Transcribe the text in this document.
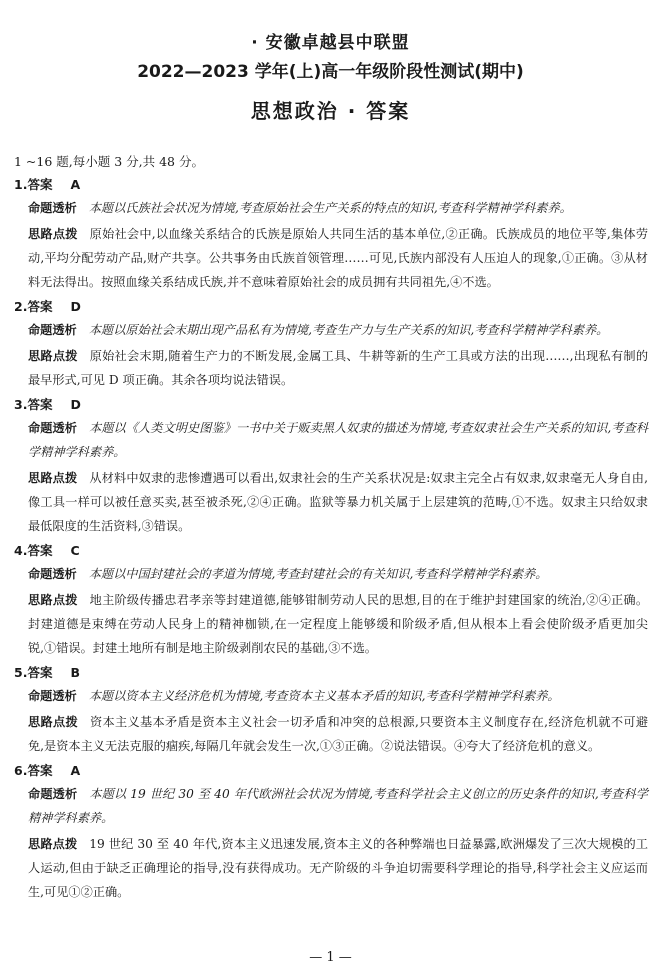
· 安徽卓越县中联盟
2022—2023 学年(上)高一年级阶段性测试(期中)
思想政治 · 答案
1 ~16 题,每小题 3 分,共 48 分。
1.答案 A

命题透析 本题以氏族社会状况为情境,考查原始社会生产关系的特点的知识,考查科学精神学科素养。

思路点拨 原始社会中,以血缘关系结合的氏族是原始人共同生活的基本单位,②正确。氏族成员的地位平等,集体劳动,平均分配劳动产品,财产共享。公共事务由氏族首领管理……可见,氏族内部没有人压迫人的现象,①正确。③从材料无法得出。按照血缘关系结成氏族,并不意味着原始社会的成员拥有共同祖先,④不选。

2.答案 D

命题透析 本题以原始社会末期出现产品私有为情境,考查生产力与生产关系的知识,考查科学精神学科素养。

思路点拨 原始社会末期,随着生产力的不断发展,金属工具、牛耕等新的生产工具或方法的出现……,出现私有制的最早形式,可见 D 项正确。其余各项均说法错误。

3.答案 D

命题透析 本题以《人类文明史图鉴》一书中关于贩卖黑人奴隶的描述为情境,考查奴隶社会生产关系的知识,考查科学精神学科素养。

思路点拨 从材料中奴隶的悲惨遭遇可以看出,奴隶社会的生产关系状况是:奴隶主完全占有奴隶,奴隶毫无人身自由,像工具一样可以被任意买卖,甚至被杀死,②④正确。监狱等暴力机关属于上层建筑的范畴,①不选。奴隶主只给奴隶最低限度的生活资料,③错误。

4.答案 C

命题透析 本题以中国封建社会的孝道为情境,考查封建社会的有关知识,考查科学精神学科素养。

思路点拨 地主阶级传播忠君孝亲等封建道德,能够钳制劳动人民的思想,目的在于维护封建国家的统治,②④正确。封建道德是束缚在劳动人民身上的精神枷锁,在一定程度上能够缓和阶级矛盾,但从根本上看会使阶级矛盾更加尖锐,①错误。封建土地所有制是地主阶级剥削农民的基础,③不选。

5.答案 B

命题透析 本题以资本主义经济危机为情境,考查资本主义基本矛盾的知识,考查科学精神学科素养。

思路点拨 资本主义基本矛盾是资本主义社会一切矛盾和冲突的总根源,只要资本主义制度存在,经济危机就不可避免,是资本主义无法克服的痼疾,每隔几年就会发生一次,①③正确。②说法错误。④夸大了经济危机的意义。

6.答案 A

命题透析 本题以 19 世纪 30 至 40 年代欧洲社会状况为情境,考查科学社会主义创立的历史条件的知识,考查科学精神学科素养。

思路点拨 19 世纪 30 至 40 年代,资本主义迅速发展,资本主义的各种弊端也日益暴露,欧洲爆发了三次大规模的工人运动,但由于缺乏正确理论的指导,没有获得成功。无产阶级的斗争迫切需要科学理论的指导,科学社会主义应运而生,可见①②正确。

— 1 —
